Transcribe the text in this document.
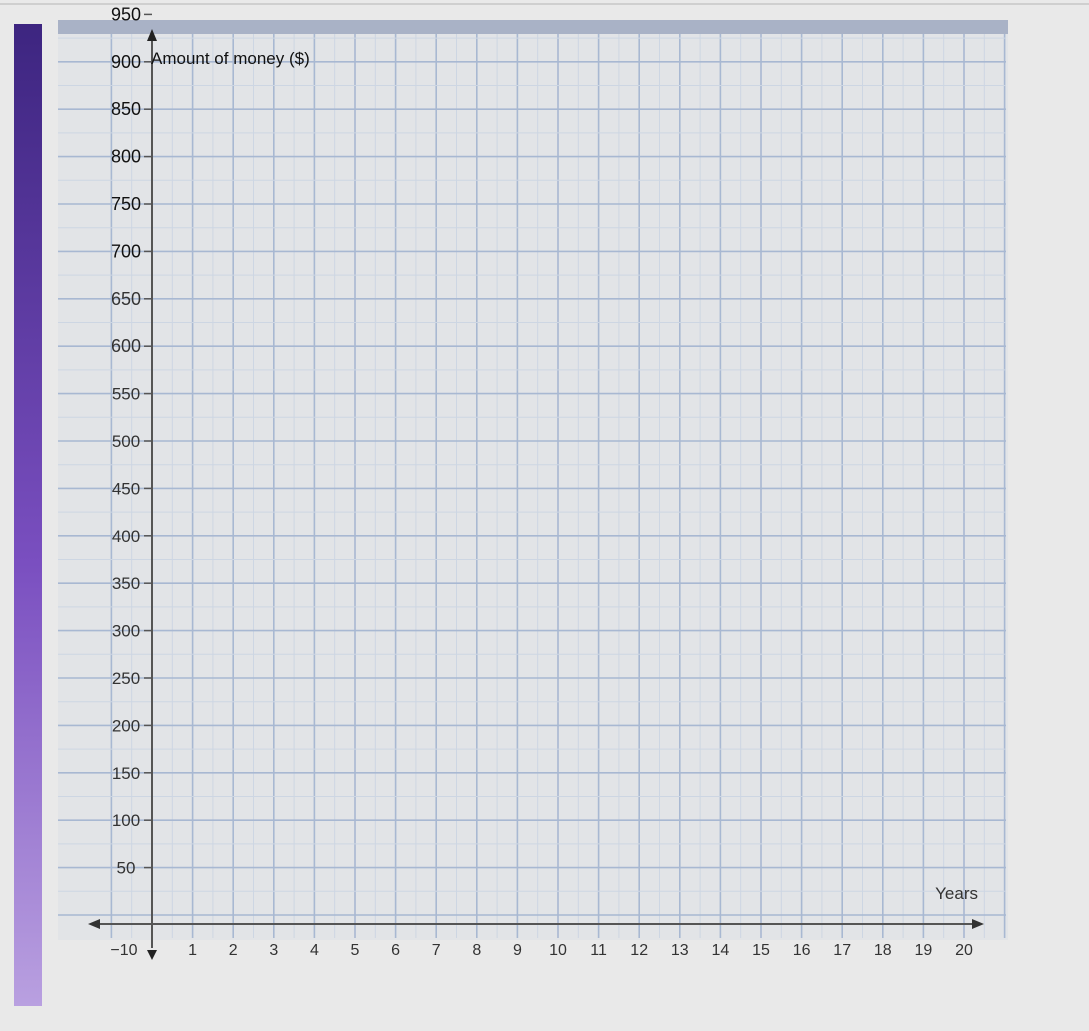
50
100
150
200
250
300
350
400
450
500
550
600
650
700
750
800
850
900
950
1 2 3 4 5 6 7 8 9 10 11 12 13 14 15 16 17 18 19 20
Amount of money ($)
Years
−10
